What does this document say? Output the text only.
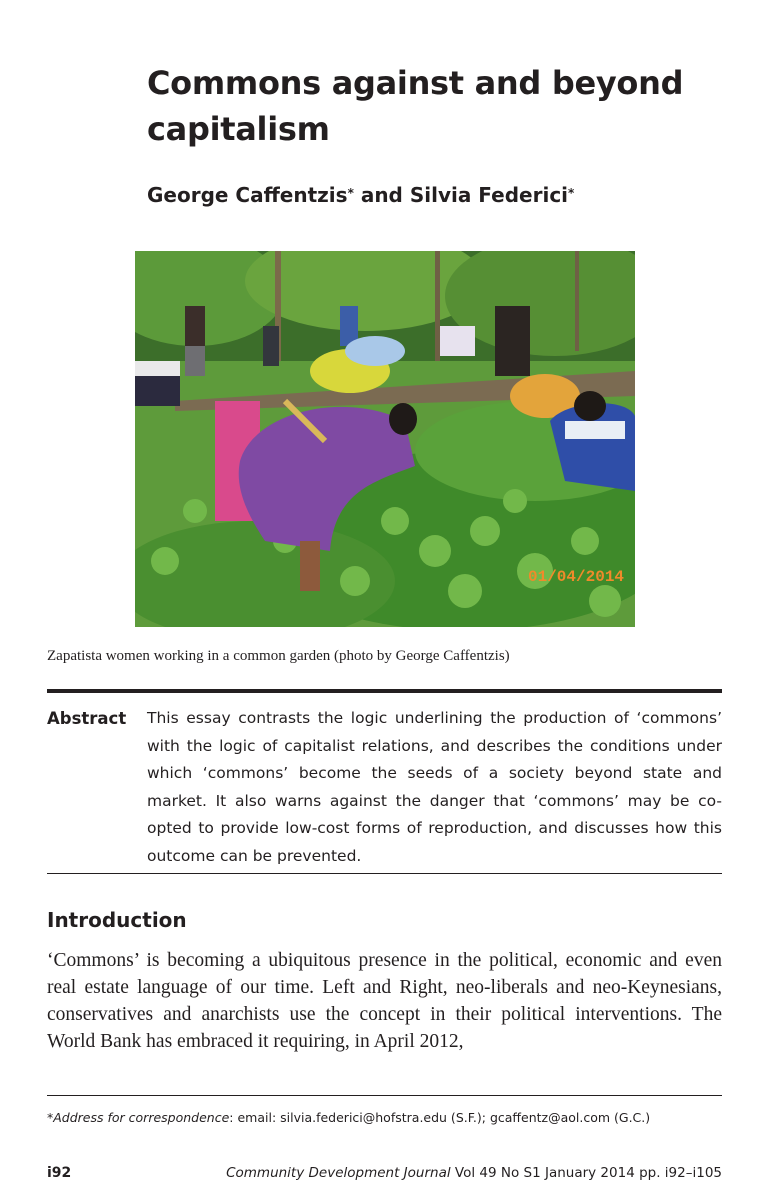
Commons against and beyond capitalism
George Caffentzis* and Silvia Federici*
01/04/2014
Zapatista women working in a common garden (photo by George Caffentzis)
Abstract This essay contrasts the logic underlining the production of ‘commons’ with the logic of capitalist relations, and describes the conditions under which ‘commons’ become the seeds of a society beyond state and market. It also warns against the danger that ‘commons’ may be co-opted to provide low-cost forms of reproduction, and discusses how this outcome can be prevented.

Introduction

‘Commons’ is becoming a ubiquitous presence in the political, economic and even real estate language of our time. Left and Right, neo-liberals and neo-Keynesians, conservatives and anarchists use the concept in their political interventions. The World Bank has embraced it requiring, in April 2012,

*Address for correspondence: email: silvia.federici@hofstra.edu (S.F.); gcaffentz@aol.com (G.C.)
i92	Community Development Journal Vol 49 No S1 January 2014 pp. i92–i105
